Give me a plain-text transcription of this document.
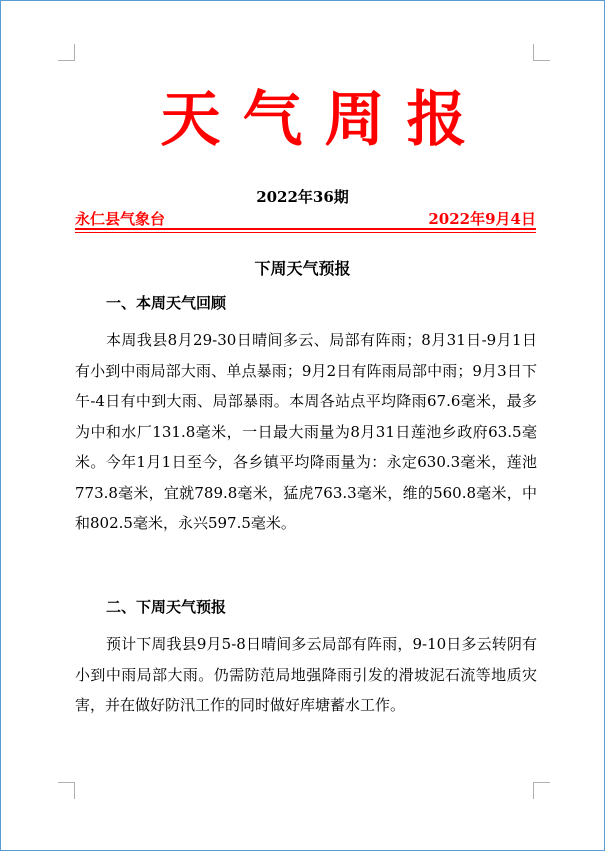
天气周报
2022年36期
永仁县气象台	2022年9月4日
下周天气预报
一、本周天气回顾

本周我县8月29-30日晴间多云、局部有阵雨；8月31日-9月1日有小到中雨局部大雨、单点暴雨；9月2日有阵雨局部中雨；9月3日下午-4日有中到大雨、局部暴雨。本周各站点平均降雨67.6毫米，最多为中和水厂131.8毫米，一日最大雨量为8月31日莲池乡政府63.5毫米。今年1月1日至今，各乡镇平均降雨量为：永定630.3毫米，莲池773.8毫米，宜就789.8毫米，猛虎763.3毫米，维的560.8毫米，中和802.5毫米，永兴597.5毫米。

二、下周天气预报

预计下周我县9月5-8日晴间多云局部有阵雨，9-10日多云转阴有小到中雨局部大雨。仍需防范局地强降雨引发的滑坡泥石流等地质灾害，并在做好防汛工作的同时做好库塘蓄水工作。
